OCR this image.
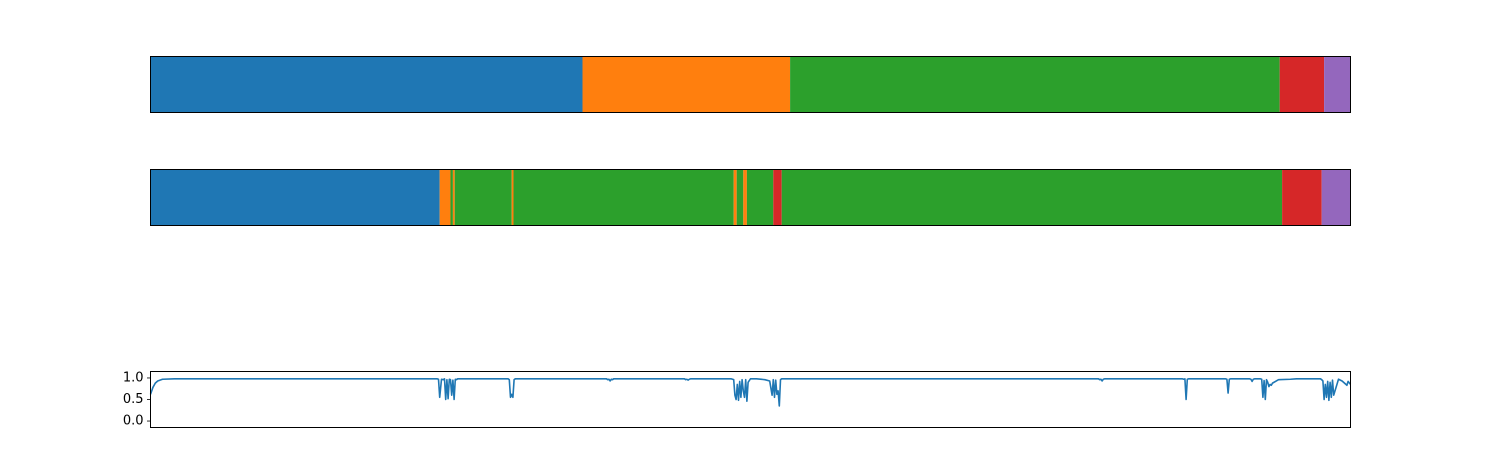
0.0
0.5
1.0
